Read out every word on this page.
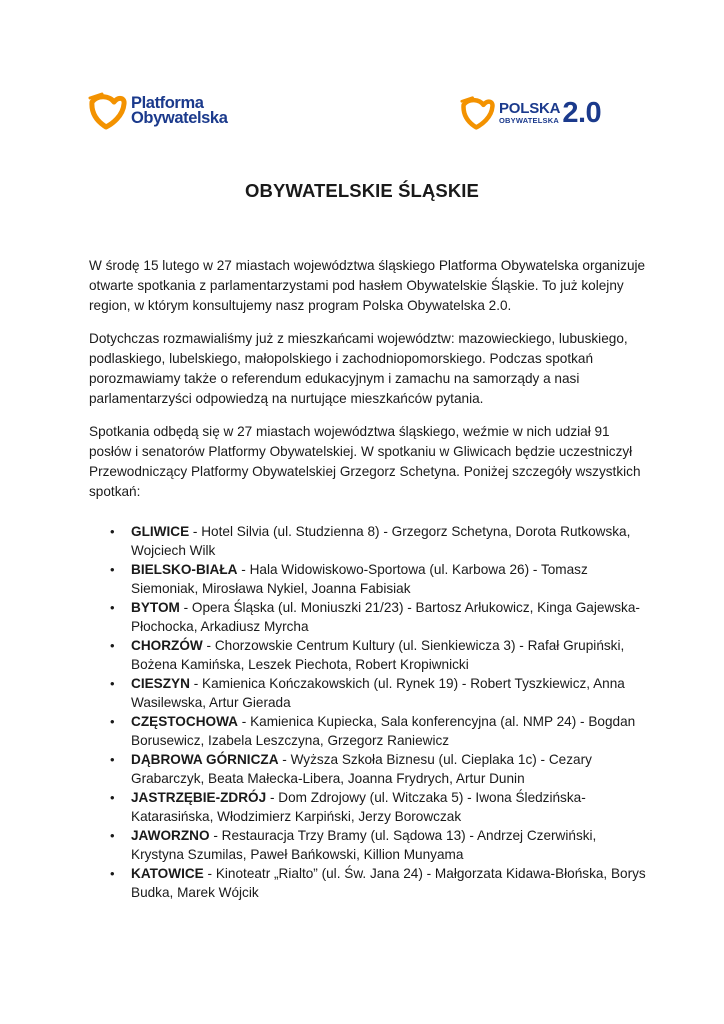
Platforma
Obywatelska
POLSKA
OBYWATELSKA 2.0
OBYWATELSKIE ŚLĄSKIE

W środę 15 lutego w 27 miastach województwa śląskiego Platforma Obywatelska organizuje otwarte spotkania z parlamentarzystami pod hasłem Obywatelskie Śląskie. To już kolejny region, w którym konsultujemy nasz program Polska Obywatelska 2.0.

Dotychczas rozmawialiśmy już z mieszkańcami województw: mazowieckiego, lubuskiego, podlaskiego, lubelskiego, małopolskiego i zachodniopomorskiego. Podczas spotkań porozmawiamy także o referendum edukacyjnym i zamachu na samorządy a nasi parlamentarzyści odpowiedzą na nurtujące mieszkańców pytania.

Spotkania odbędą się w 27 miastach województwa śląskiego, weźmie w nich udział 91 posłów i senatorów Platformy Obywatelskiej. W spotkaniu w Gliwicach będzie uczestniczył Przewodniczący Platformy Obywatelskiej Grzegorz Schetyna. Poniżej szczegóły wszystkich spotkań:

• GLIWICE - Hotel Silvia (ul. Studzienna 8) - Grzegorz Schetyna, Dorota Rutkowska, Wojciech Wilk
• BIELSKO-BIAŁA - Hala Widowiskowo-Sportowa (ul. Karbowa 26) - Tomasz Siemoniak, Mirosława Nykiel, Joanna Fabisiak
• BYTOM - Opera Śląska (ul. Moniuszki 21/23) - Bartosz Arłukowicz, Kinga Gajewska-Płochocka, Arkadiusz Myrcha
• CHORZÓW - Chorzowskie Centrum Kultury (ul. Sienkiewicza 3) - Rafał Grupiński, Bożena Kamińska, Leszek Piechota, Robert Kropiwnicki
• CIESZYN - Kamienica Kończakowskich (ul. Rynek 19) - Robert Tyszkiewicz, Anna Wasilewska, Artur Gierada
• CZĘSTOCHOWA - Kamienica Kupiecka, Sala konferencyjna (al. NMP 24) - Bogdan Borusewicz, Izabela Leszczyna, Grzegorz Raniewicz
• DĄBROWA GÓRNICZA - Wyższa Szkoła Biznesu (ul. Cieplaka 1c) - Cezary Grabarczyk, Beata Małecka-Libera, Joanna Frydrych, Artur Dunin
• JASTRZĘBIE-ZDRÓJ - Dom Zdrojowy (ul. Witczaka 5) - Iwona Śledzińska-Katarasińska, Włodzimierz Karpiński, Jerzy Borowczak
• JAWORZNO - Restauracja Trzy Bramy (ul. Sądowa 13) - Andrzej Czerwiński, Krystyna Szumilas, Paweł Bańkowski, Killion Munyama
• KATOWICE - Kinoteatr „Rialto” (ul. Św. Jana 24) - Małgorzata Kidawa-Błońska, Borys Budka, Marek Wójcik
